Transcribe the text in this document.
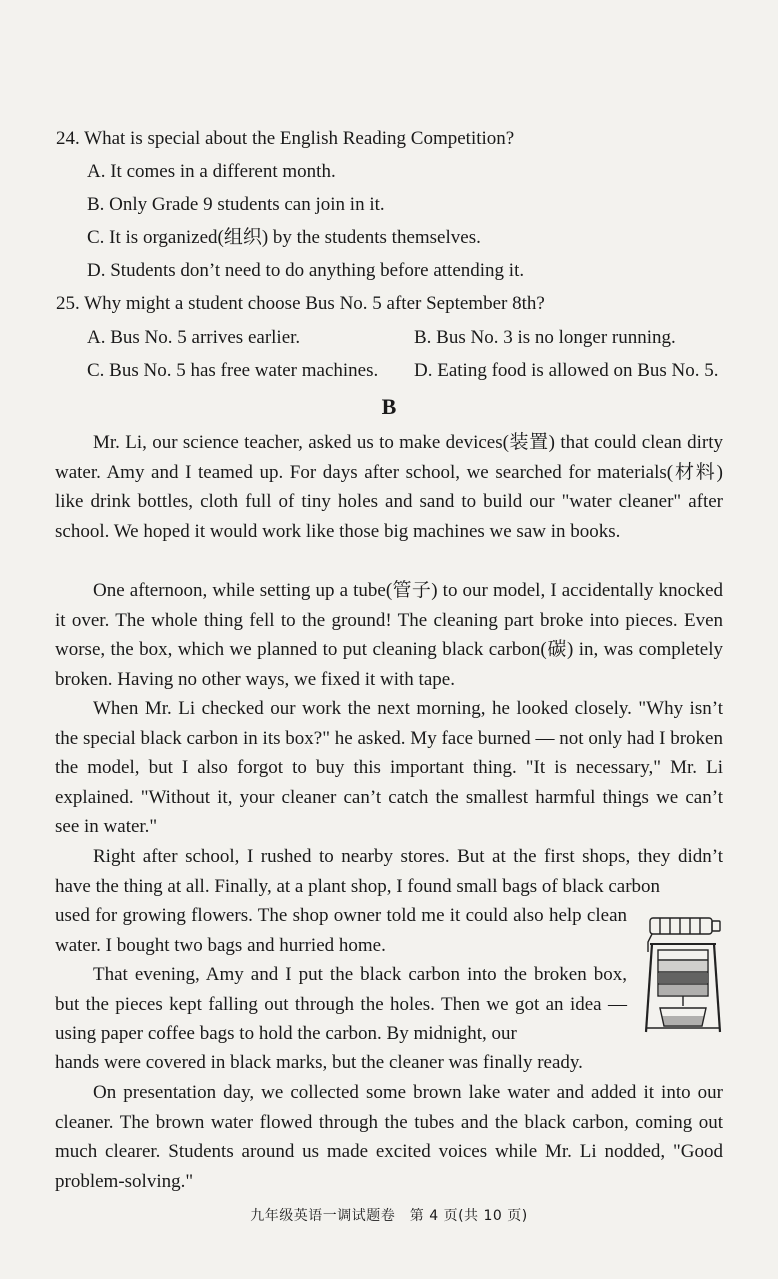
24. What is special about the English Reading Competition?
A. It comes in a different month.
B. Only Grade 9 students can join in it.
C. It is organized(组织) by the students themselves.
D. Students don’t need to do anything before attending it.
25. Why might a student choose Bus No. 5 after September 8th?
A. Bus No. 5 arrives earlier.	B. Bus No. 3 is no longer running.
C. Bus No. 5 has free water machines. D. Eating food is allowed on Bus No. 5.
B
Mr. Li, our science teacher, asked us to make devices(装置) that could clean dirty water. Amy and I teamed up. For days after school, we searched for materials(材料) like drink bottles, cloth full of tiny holes and sand to build our "water cleaner" after school. We hoped it would work like those big machines we saw in books.
One afternoon, while setting up a tube(管子) to our model, I accidentally knocked it over. The whole thing fell to the ground! The cleaning part broke into pieces. Even worse, the box, which we planned to put cleaning black carbon(碳) in, was completely broken. Having no other ways, we fixed it with tape.
When Mr. Li checked our work the next morning, he looked closely. "Why isn’t the special black carbon in its box?" he asked. My face burned — not only had I broken the model, but I also forgot to buy this important thing. "It is necessary," Mr. Li explained. "Without it, your cleaner can’t catch the smallest harmful things we can’t see in water."
Right after school, I rushed to nearby stores. But at the first shops, they didn’t have the thing at all. Finally, at a plant shop, I found small bags of black carbon
used for growing flowers. The shop owner told me it could also help clean water. I bought two bags and hurried home.
That evening, Amy and I put the black carbon into the broken box, but the pieces kept falling out through the holes. Then we got an idea — using paper coffee bags to hold the carbon. By midnight, our
hands were covered in black marks, but the cleaner was finally ready.
On presentation day, we collected some brown lake water and added it into our cleaner. The brown water flowed through the tubes and the black carbon, coming out much clearer. Students around us made excited voices while Mr. Li nodded, "Good problem-solving."
九年级英语一调试题卷　第 4 页(共 10 页)
